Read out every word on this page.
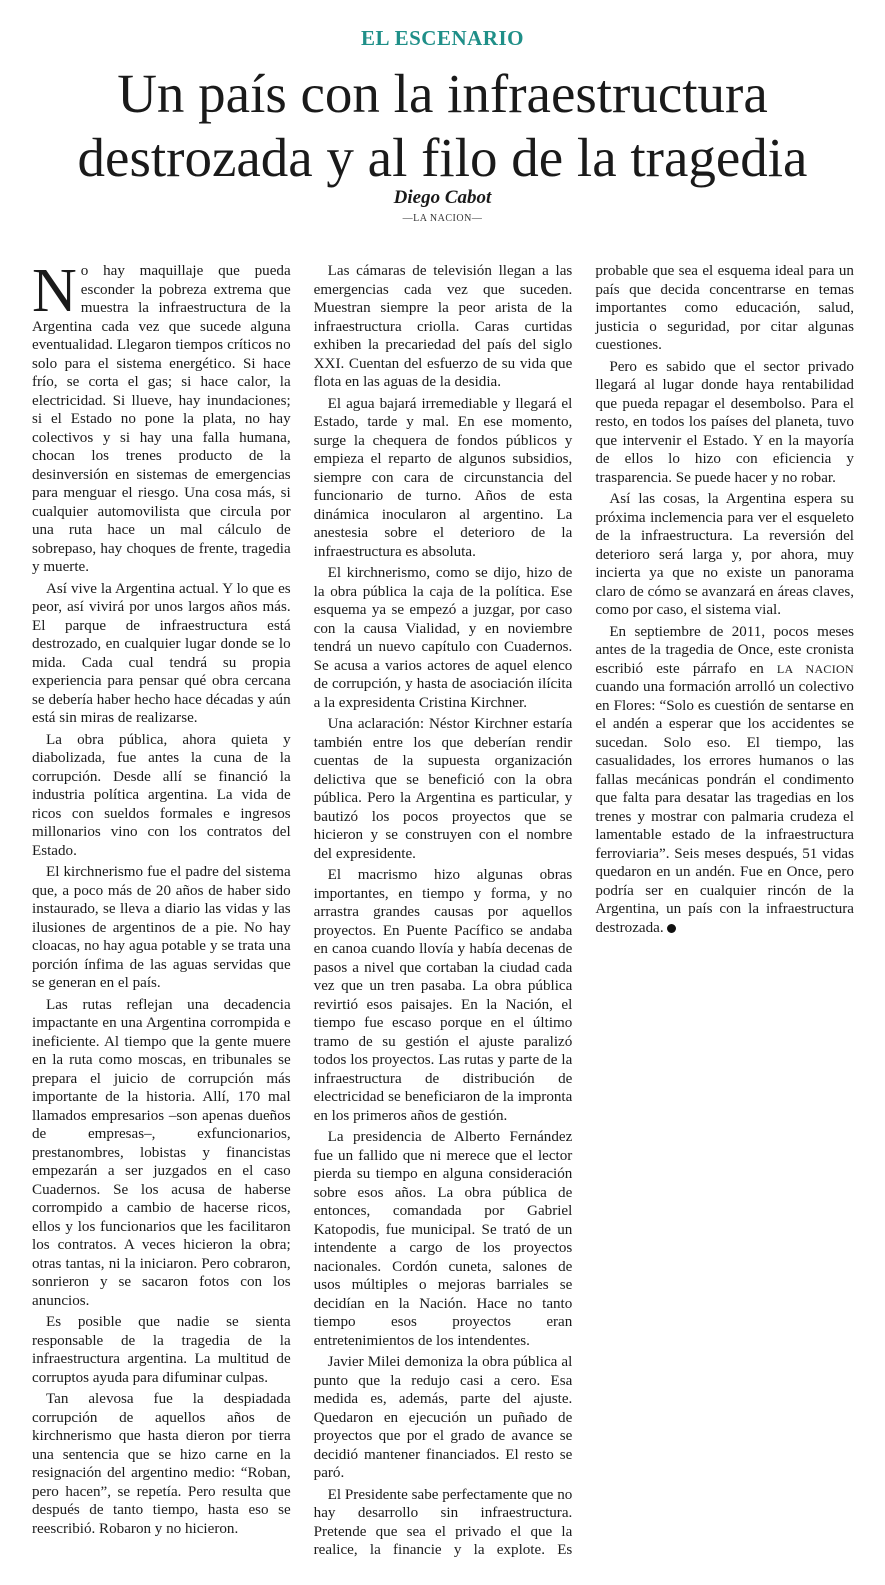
EL ESCENARIO
Un país con la infraestructura destrozada y al filo de la tragedia
Diego Cabot
—LA NACION—

No hay maquillaje que pueda esconder la pobreza extrema que muestra la infraestructura de la Argentina cada vez que sucede alguna eventualidad. Llegaron tiempos críticos no solo para el sistema energético. Si hace frío, se corta el gas; si hace calor, la electricidad. Si llueve, hay inundaciones; si el Estado no pone la plata, no hay colectivos y si hay una falla humana, chocan los trenes producto de la desinversión en sistemas de emergencias para menguar el riesgo. Una cosa más, si cualquier automovilista que circula por una ruta hace un mal cálculo de sobrepaso, hay choques de frente, tragedia y muerte.

Así vive la Argentina actual. Y lo que es peor, así vivirá por unos largos años más. El parque de infraestructura está destrozado, en cualquier lugar donde se lo mida. Cada cual tendrá su propia experiencia para pensar qué obra cercana se debería haber hecho hace décadas y aún está sin miras de realizarse.

La obra pública, ahora quieta y diabolizada, fue antes la cuna de la corrupción. Desde allí se financió la industria política argentina. La vida de ricos con sueldos formales e ingresos millonarios vino con los contratos del Estado.

El kirchnerismo fue el padre del sistema que, a poco más de 20 años de haber sido instaurado, se lleva a diario las vidas y las ilusiones de argentinos de a pie. No hay cloacas, no hay agua potable y se trata una porción ínfima de las aguas servidas que se generan en el país.

Las rutas reflejan una decadencia impactante en una Argentina corrompida e ineficiente. Al tiempo que la gente muere en la ruta como moscas, en tribunales se prepara el juicio de corrupción más importante de la historia. Allí, 170 mal llamados empresarios –son apenas dueños de empresas–, exfuncionarios, prestanombres, lobistas y financistas empezarán a ser juzgados en el caso Cuadernos. Se los acusa de haberse corrompido a cambio de hacerse ricos, ellos y los funcionarios que les facilitaron los contratos. A veces hicieron la obra; otras tantas, ni la iniciaron. Pero cobraron, sonrieron y se sacaron fotos con los anuncios.

Es posible que nadie se sienta responsable de la tragedia de la infraestructura argentina. La multitud de corruptos ayuda para difuminar culpas.

Tan alevosa fue la despiadada corrupción de aquellos años de kirchnerismo que hasta dieron por tierra una sentencia que se hizo carne en la resignación del argentino medio: “Roban, pero hacen”, se repetía. Pero resulta que después de tanto tiempo, hasta eso se reescribió. Robaron y no hicieron.

Las cámaras de televisión llegan a las emergencias cada vez que suceden. Muestran siempre la peor arista de la infraestructura criolla. Caras curtidas exhiben la precariedad del país del siglo XXI. Cuentan del esfuerzo de su vida que flota en las aguas de la desidia.

El agua bajará irremediable y llegará el Estado, tarde y mal. En ese momento, surge la chequera de fondos públicos y empieza el reparto de algunos subsidios, siempre con cara de circunstancia del funcionario de turno. Años de esta dinámica inocularon al argentino. La anestesia sobre el deterioro de la infraestructura es absoluta.

El kirchnerismo, como se dijo, hizo de la obra pública la caja de la política. Ese esquema ya se empezó a juzgar, por caso con la causa Vialidad, y en noviembre tendrá un nuevo capítulo con Cuadernos. Se acusa a varios actores de aquel elenco de corrupción, y hasta de asociación ilícita a la expresidenta Cristina Kirchner.

Una aclaración: Néstor Kirchner estaría también entre los que deberían rendir cuentas de la supuesta organización delictiva que se benefició con la obra pública. Pero la Argentina es particular, y bautizó los pocos proyectos que se hicieron y se construyen con el nombre del expresidente.

El macrismo hizo algunas obras importantes, en tiempo y forma, y no arrastra grandes causas por aquellos proyectos. En Puente Pacífico se andaba en canoa cuando llovía y había decenas de pasos a nivel que cortaban la ciudad cada vez que un tren pasaba. La obra pública revirtió esos paisajes. En la Nación, el tiempo fue escaso porque en el último tramo de su gestión el ajuste paralizó todos los proyectos. Las rutas y parte de la infraestructura de distribución de electricidad se beneficiaron de la impronta en los primeros años de gestión.

La presidencia de Alberto Fernández fue un fallido que ni merece que el lector pierda su tiempo en alguna consideración sobre esos años. La obra pública de entonces, comandada por Gabriel Katopodis, fue municipal. Se trató de un intendente a cargo de los proyectos nacionales. Cordón cuneta, salones de usos múltiples o mejoras barriales se decidían en la Nación. Hace no tanto tiempo esos proyectos eran entretenimientos de los intendentes.

Javier Milei demoniza la obra pública al punto que la redujo casi a cero. Esa medida es, además, parte del ajuste. Quedaron en ejecución un puñado de proyectos que por el grado de avance se decidió mantener financiados. El resto se paró.

El Presidente sabe perfectamente que no hay desarrollo sin infraestructura. Pretende que sea el privado el que la realice, la financie y la explote. Es probable que sea el esquema ideal para un país que decida concentrarse en temas importantes como educación, salud, justicia o seguridad, por citar algunas cuestiones.

Pero es sabido que el sector privado llegará al lugar donde haya rentabilidad que pueda repagar el desembolso. Para el resto, en todos los países del planeta, tuvo que intervenir el Estado. Y en la mayoría de ellos lo hizo con eficiencia y trasparencia. Se puede hacer y no robar.

Así las cosas, la Argentina espera su próxima inclemencia para ver el esqueleto de la infraestructura. La reversión del deterioro será larga y, por ahora, muy incierta ya que no existe un panorama claro de cómo se avanzará en áreas claves, como por caso, el sistema vial.

En septiembre de 2011, pocos meses antes de la tragedia de Once, este cronista escribió este párrafo en LA NACION cuando una formación arrolló un colectivo en Flores: “Solo es cuestión de sentarse en el andén a esperar que los accidentes se sucedan. Solo eso. El tiempo, las casualidades, los errores humanos o las fallas mecánicas pondrán el condimento que falta para desatar las tragedias en los trenes y mostrar con palmaria crudeza el lamentable estado de la infraestructura ferroviaria”. Seis meses después, 51 vidas quedaron en un andén. Fue en Once, pero podría ser en cualquier rincón de la Argentina, un país con la infraestructura destrozada.
